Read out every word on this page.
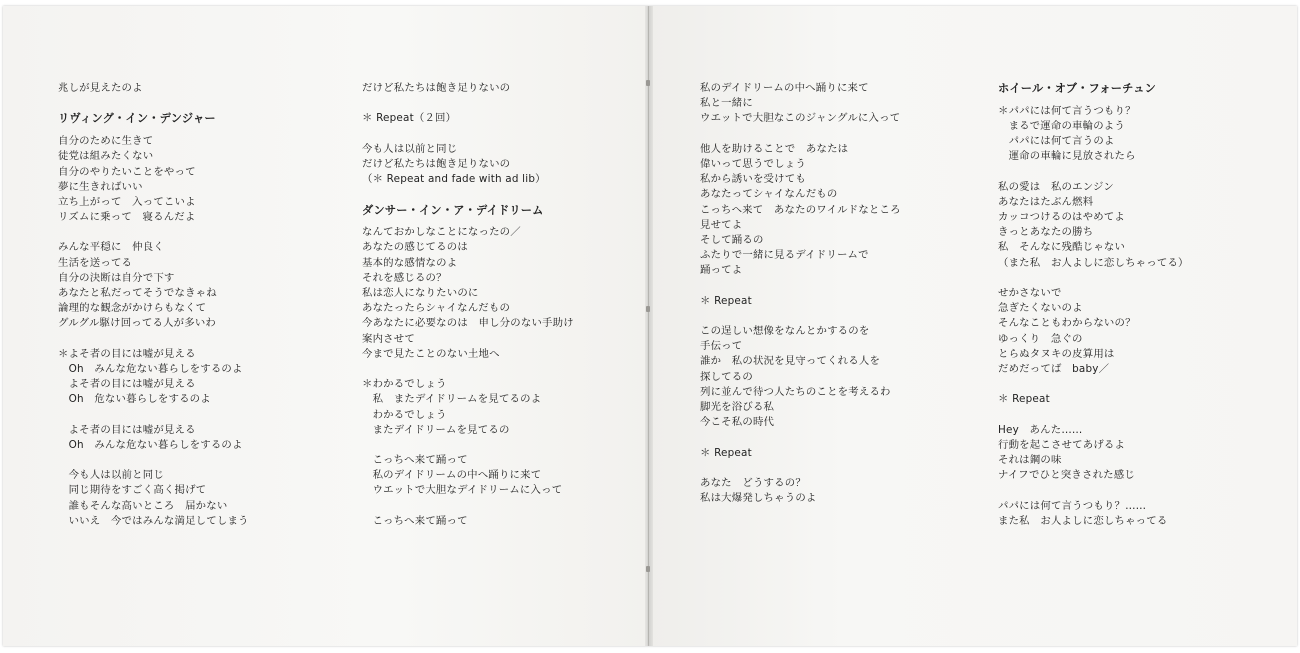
兆しが見えたのよ
リヴィング・イン・デンジャー
自分のために生きて
徒党は組みたくない
自分のやりたいことをやって
夢に生きればいい
立ち上がって　入ってこいよ
リズムに乗って　寝るんだよ
みんな平穏に　仲良く
生活を送ってる
自分の決断は自分で下す
あなたと私だってそうでなきゃね
論理的な観念がかけらもなくて
グルグル駆け回ってる人が多いわ
＊よそ者の目には嘘が見える
　Oh　みんな危ない暮らしをするのよ
　よそ者の目には嘘が見える
　Oh　危ない暮らしをするのよ
　よそ者の目には嘘が見える
　Oh　みんな危ない暮らしをするのよ
　今も人は以前と同じ
　同じ期待をすごく高く掲げて
　誰もそんな高いところ　届かない
　いいえ　今ではみんな満足してしまう
だけど私たちは飽き足りないの
＊ Repeat（２回）
今も人は以前と同じ
だけど私たちは飽き足りないの
（＊ Repeat and fade with ad lib）
ダンサー・イン・ア・デイドリーム
なんておかしなことになったの／
あなたの感じてるのは
基本的な感情なのよ
それを感じるの？
私は恋人になりたいのに
あなたったらシャイなんだもの
今あなたに必要なのは　申し分のない手助け
案内させて
今まで見たことのない土地へ
＊わかるでしょう
　私　またデイドリームを見てるのよ
　わかるでしょう
　またデイドリームを見てるの
　こっちへ来て踊って
　私のデイドリームの中へ踊りに来て
　ウエットで大胆なデイドリームに入って
　こっちへ来て踊って
私のデイドリームの中へ踊りに来て
私と一緒に
ウエットで大胆なこのジャングルに入って
他人を助けることで　あなたは
偉いって思うでしょう
私から誘いを受けても
あなたってシャイなんだもの
こっちへ来て　あなたのワイルドなところ
見せてよ
そして踊るの
ふたりで一緒に見るデイドリームで
踊ってよ
＊ Repeat
この逞しい想像をなんとかするのを
手伝って
誰か　私の状況を見守ってくれる人を
探してるの
列に並んで待つ人たちのことを考えるわ
脚光を浴びる私
今こそ私の時代
＊ Repeat
あなた　どうするの？
私は大爆発しちゃうのよ
ホイール・オブ・フォーチュン
＊パパには何て言うつもり？
　まるで運命の車輪のよう
　パパには何て言うのよ
　運命の車輪に見放されたら
私の愛は　私のエンジン
あなたはたぶん燃料
カッコつけるのはやめてよ
きっとあなたの勝ち
私　そんなに残酷じゃない
（また私　お人よしに恋しちゃってる）
せかさないで
急ぎたくないのよ
そんなこともわからないの？
ゆっくり　急ぐの
とらぬタヌキの皮算用は
だめだってば　baby／
＊ Repeat
Hey　あんた……
行動を起こさせてあげるよ
それは鋼の味
ナイフでひと突きされた感じ
パパには何て言うつもり？……
また私　お人よしに恋しちゃってる
